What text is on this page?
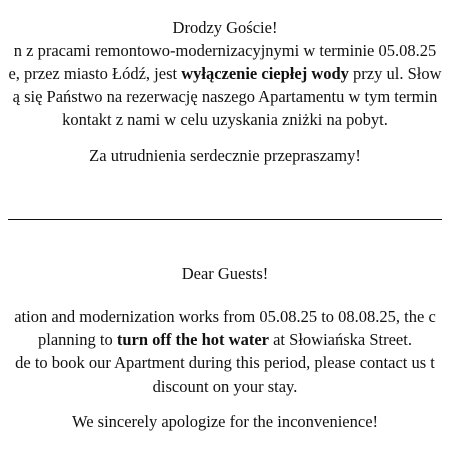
Drodzy Goście!
n z pracami remontowo-modernizacyjnymi w terminie 05.08.25
e, przez miasto Łódź, jest wyłączenie ciepłej wody przy ul. Słow
ą się Państwo na rezerwację naszego Apartamentu w tym termin
kontakt z nami w celu uzyskania zniżki na pobyt.
Za utrudnienia serdecznie przepraszamy!
Dear Guests!
ation and modernization works from 05.08.25 to 08.08.25, the c
planning to turn off the hot water at Słowiańska Street.
de to book our Apartment during this period, please contact us t
discount on your stay.
We sincerely apologize for the inconvenience!
